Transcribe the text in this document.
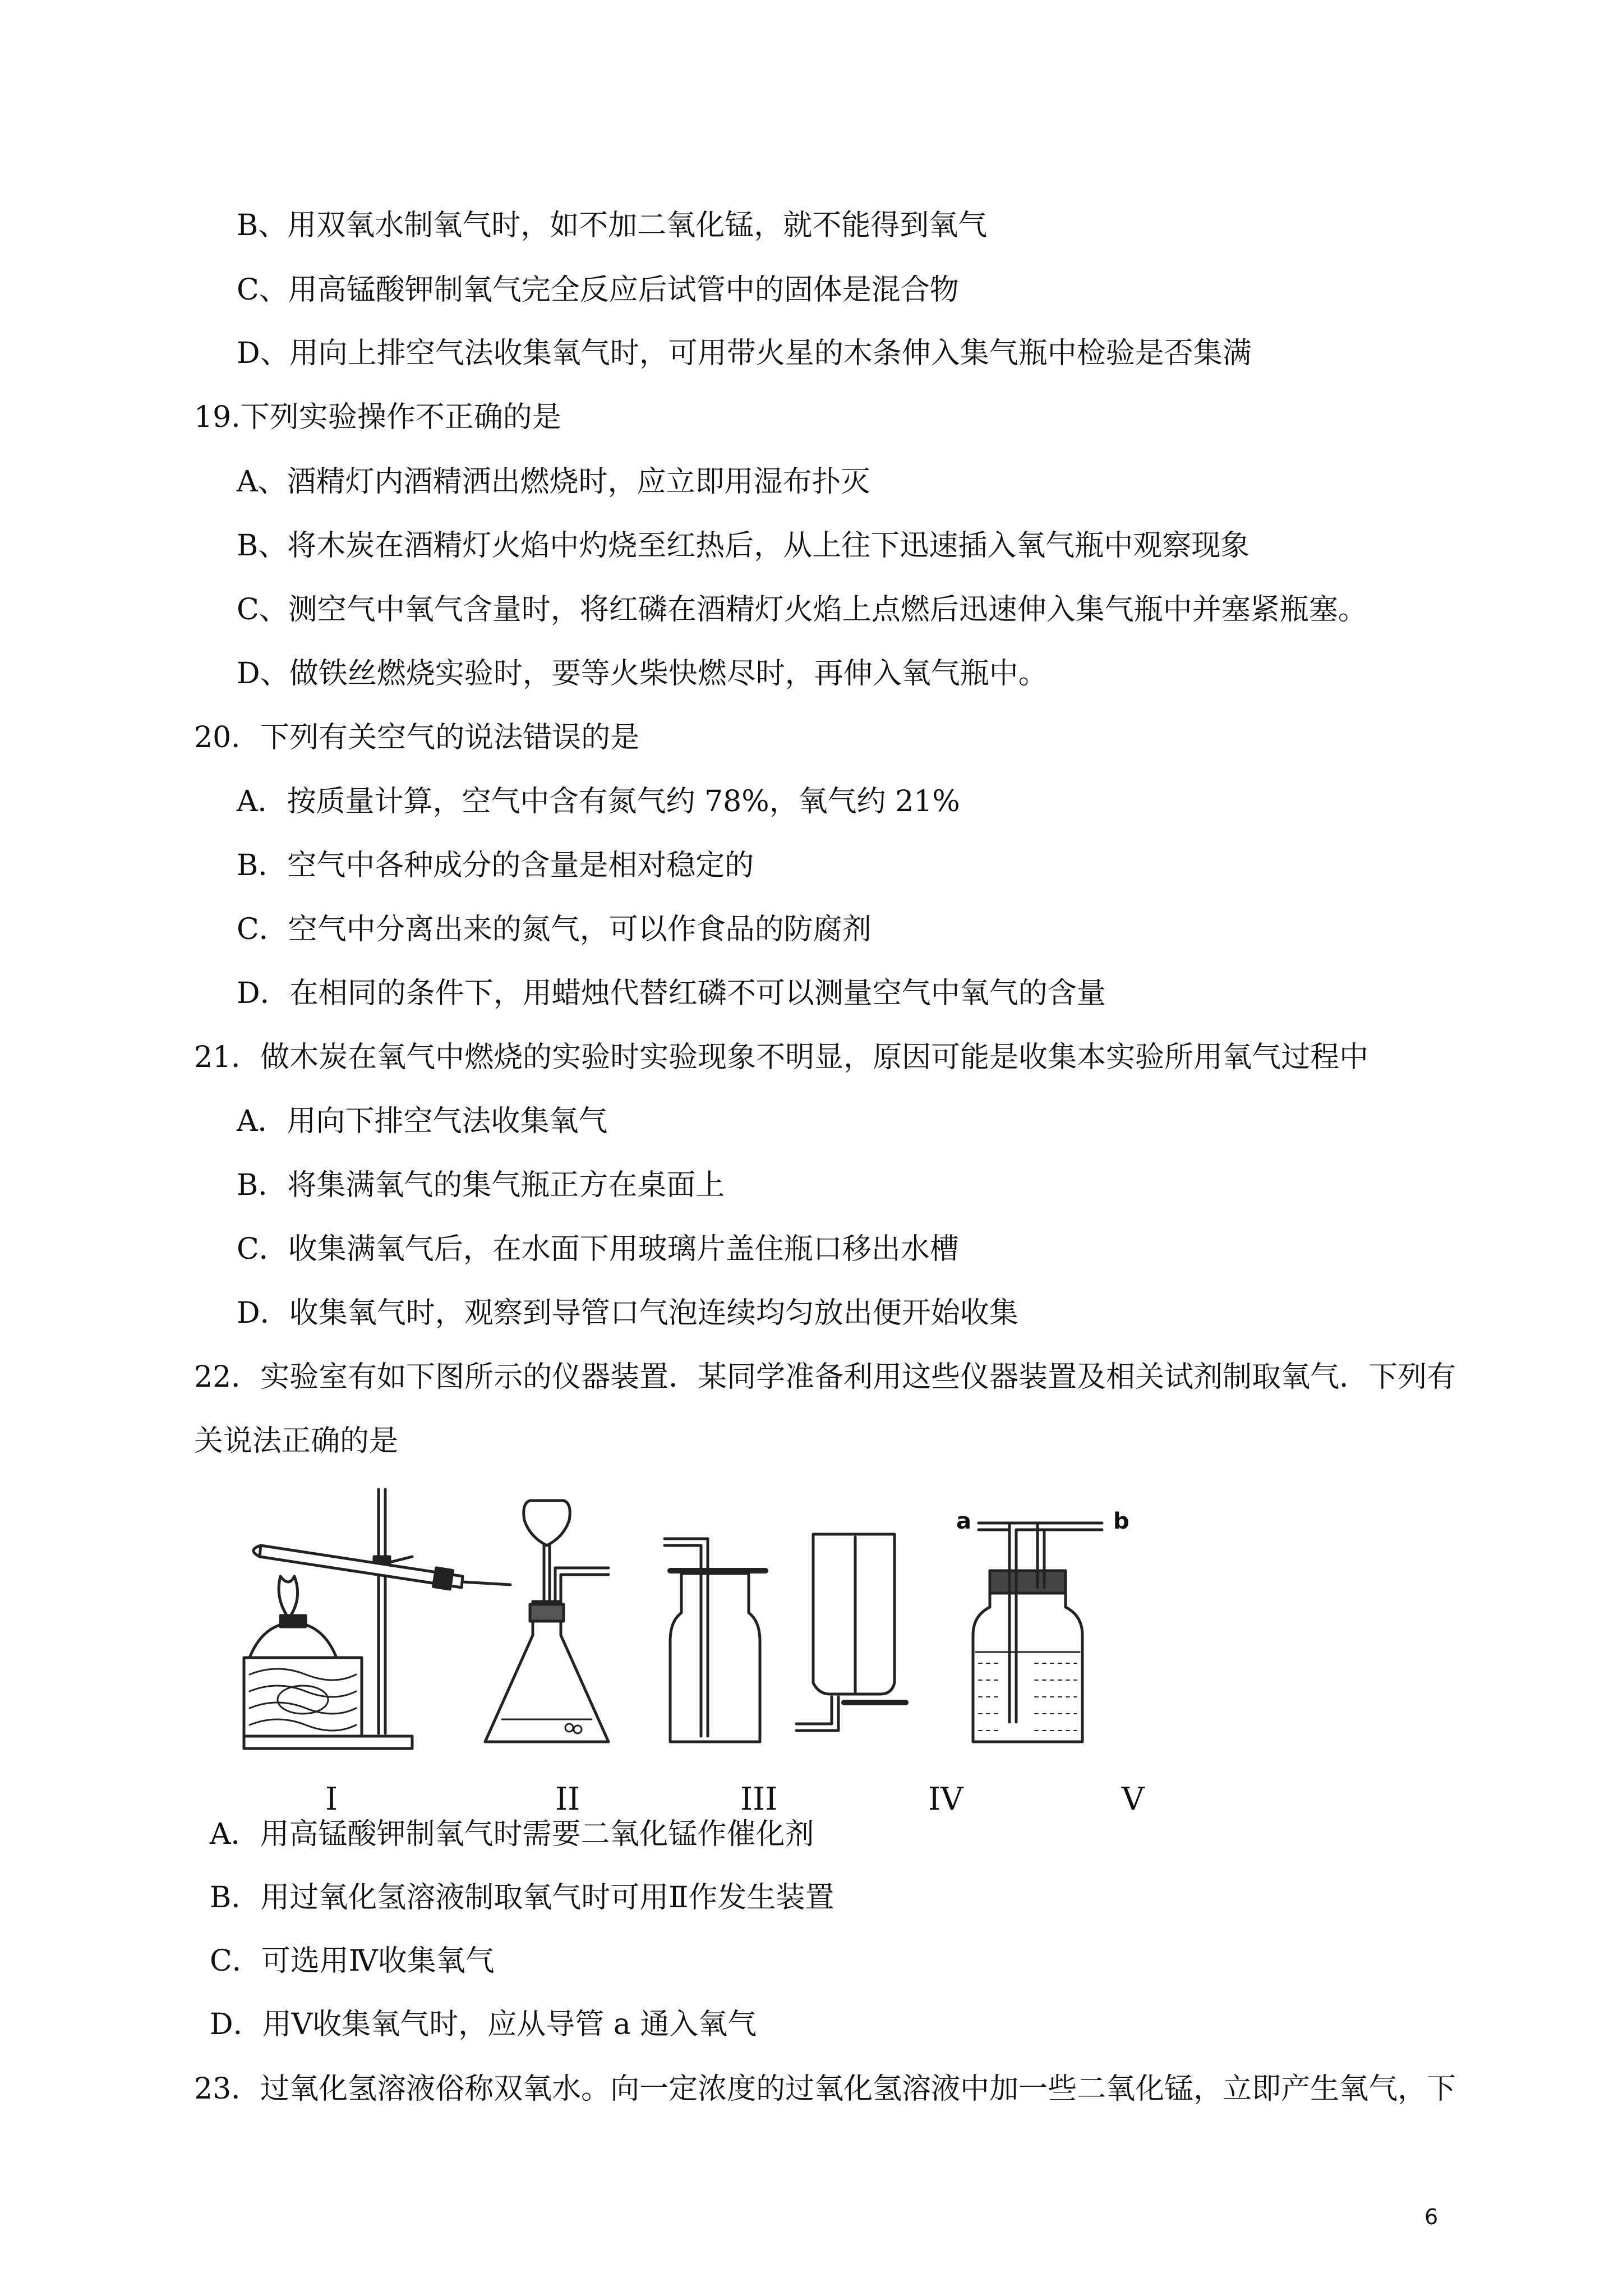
B、用双氧水制氧气时，如不加二氧化锰，就不能得到氧气
C、用高锰酸钾制氧气完全反应后试管中的固体是混合物
D、用向上排空气法收集氧气时，可用带火星的木条伸入集气瓶中检验是否集满
19.下列实验操作不正确的是
A、酒精灯内酒精洒出燃烧时，应立即用湿布扑灭
B、将木炭在酒精灯火焰中灼烧至红热后，从上往下迅速插入氧气瓶中观察现象
C、测空气中氧气含量时，将红磷在酒精灯火焰上点燃后迅速伸入集气瓶中并塞紧瓶塞。
D、做铁丝燃烧实验时，要等火柴快燃尽时，再伸入氧气瓶中。
20．下列有关空气的说法错误的是
A．按质量计算，空气中含有氮气约 78%，氧气约 21%
B．空气中各种成分的含量是相对稳定的
C．空气中分离出来的氮气，可以作食品的防腐剂
D．在相同的条件下，用蜡烛代替红磷不可以测量空气中氧气的含量
21．做木炭在氧气中燃烧的实验时实验现象不明显，原因可能是收集本实验所用氧气过程中
A．用向下排空气法收集氧气
B．将集满氧气的集气瓶正方在桌面上
C．收集满氧气后，在水面下用玻璃片盖住瓶口移出水槽
D．收集氧气时，观察到导管口气泡连续均匀放出便开始收集
22．实验室有如下图所示的仪器装置．某同学准备利用这些仪器装置及相关试剂制取氧气．下列有
关说法正确的是
a	b
I	II	III	IV	V
A．用高锰酸钾制氧气时需要二氧化锰作催化剂
B．用过氧化氢溶液制取氧气时可用Ⅱ作发生装置
C．可选用Ⅳ收集氧气
D．用Ⅴ收集氧气时，应从导管 a 通入氧气
23．过氧化氢溶液俗称双氧水。向一定浓度的过氧化氢溶液中加一些二氧化锰，立即产生氧气，下
6
